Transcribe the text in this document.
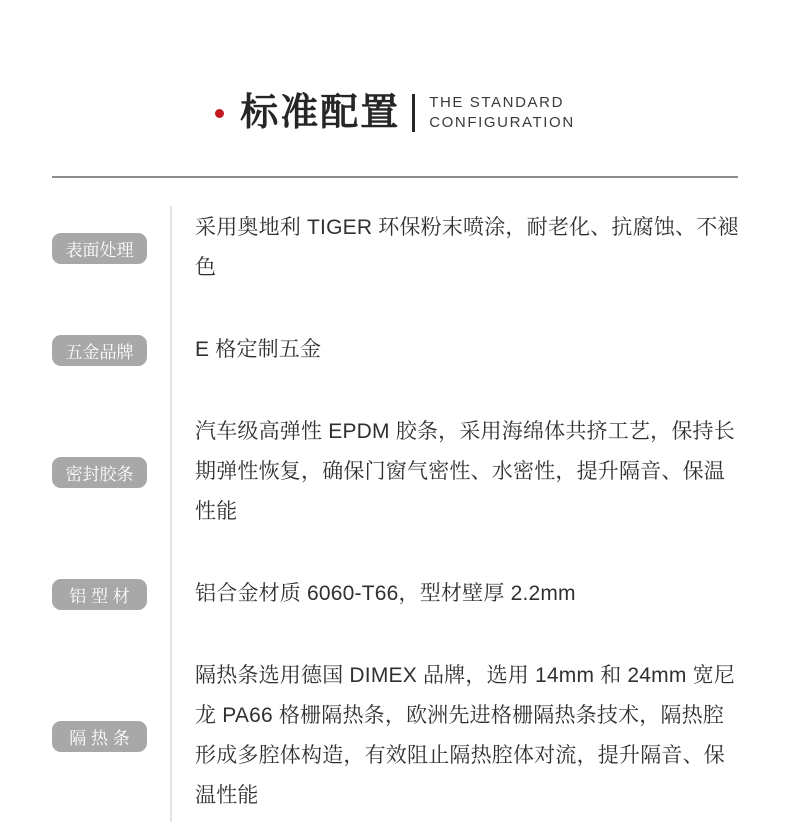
标准配置 THE STANDARD
CONFIGURATION
表面处理
采用奥地利 TIGER 环保粉末喷涂，耐老化、抗腐蚀、不褪色
五金品牌	E 格定制五金
密封胶条
汽车级高弹性 EPDM 胶条，采用海绵体共挤工艺，保持长期弹性恢复，确保门窗气密性、水密性，提升隔音、保温性能
铝 型 材	铝合金材质 6060-T66，型材壁厚 2.2mm
隔 热 条
隔热条选用德国 DIMEX 品牌，选用 14mm 和 24mm 宽尼龙 PA66 格栅隔热条，欧洲先进格栅隔热条技术，隔热腔形成多腔体构造，有效阻止隔热腔体对流，提升隔音、保温性能
